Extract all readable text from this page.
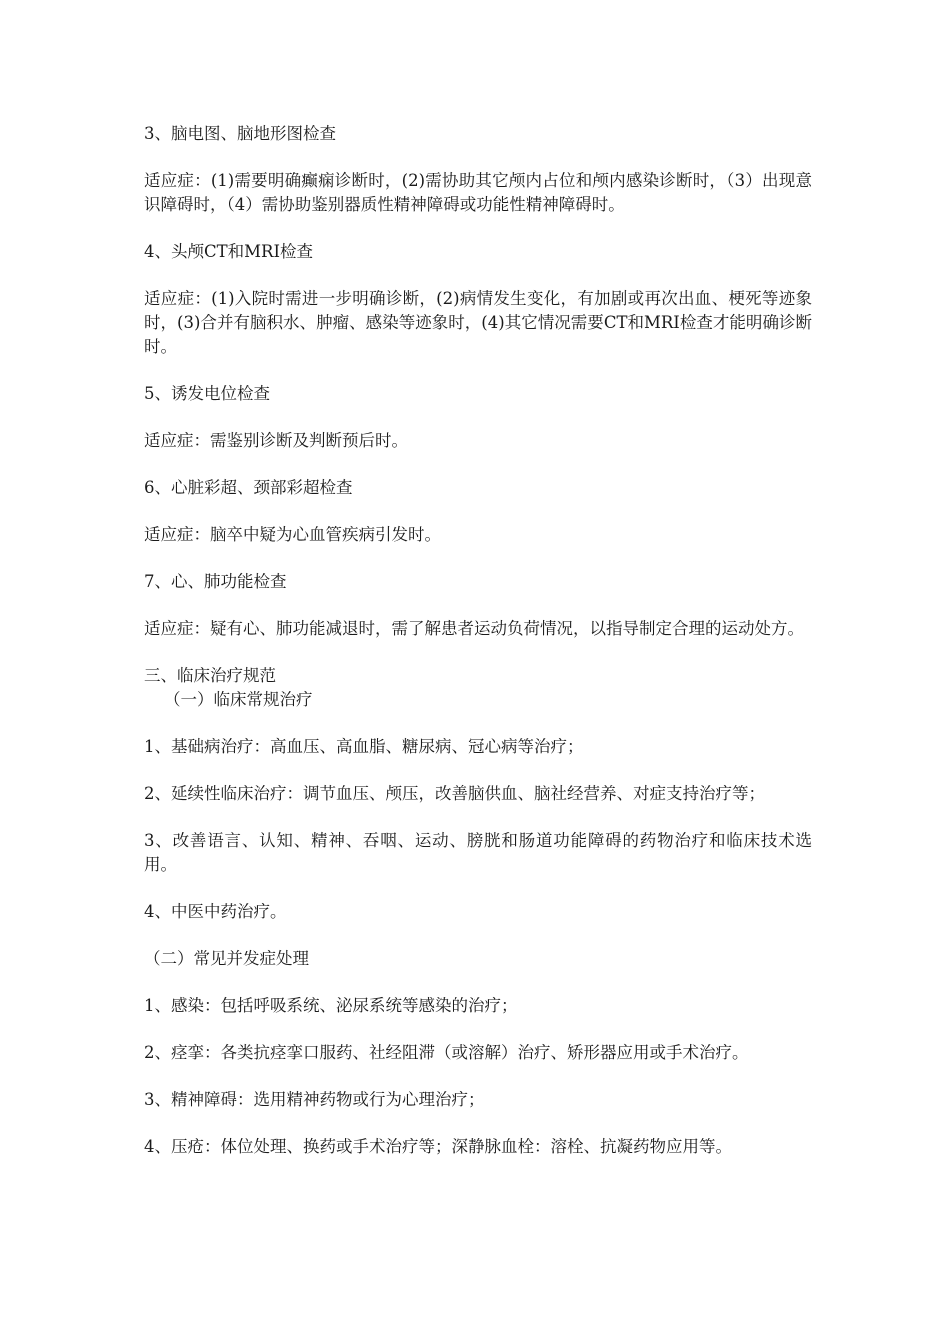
3、脑电图、脑地形图检查

适应症：(1)需要明确癫痫诊断时，(2)需协助其它颅内占位和颅内感染诊断时，（3）出现意识障碍时，（4）需协助鉴别器质性精神障碍或功能性精神障碍时。

4、头颅CT和MRI检查

适应症：(1)入院时需进一步明确诊断，(2)病情发生变化，有加剧或再次出血、梗死等迹象时，(3)合并有脑积水、肿瘤、感染等迹象时，(4)其它情况需要CT和MRI检查才能明确诊断时。

5、诱发电位检查

适应症：需鉴别诊断及判断预后时。

6、心脏彩超、颈部彩超检查

适应症：脑卒中疑为心血管疾病引发时。

7、心、肺功能检查

适应症：疑有心、肺功能减退时，需了解患者运动负荷情况，以指导制定合理的运动处方。

三、临床治疗规范

（一）临床常规治疗

1、基础病治疗：高血压、高血脂、糖尿病、冠心病等治疗；

2、延续性临床治疗：调节血压、颅压，改善脑供血、脑社经营养、对症支持治疗等；

3、改善语言、认知、精神、吞咽、运动、膀胱和肠道功能障碍的药物治疗和临床技术选用。

4、中医中药治疗。

（二）常见并发症处理

1、感染：包括呼吸系统、泌尿系统等感染的治疗；

2、痉挛：各类抗痉挛口服药、社经阻滞（或溶解）治疗、矫形器应用或手术治疗。

3、精神障碍：选用精神药物或行为心理治疗；

4、压疮：体位处理、换药或手术治疗等；深静脉血栓：溶栓、抗凝药物应用等。
